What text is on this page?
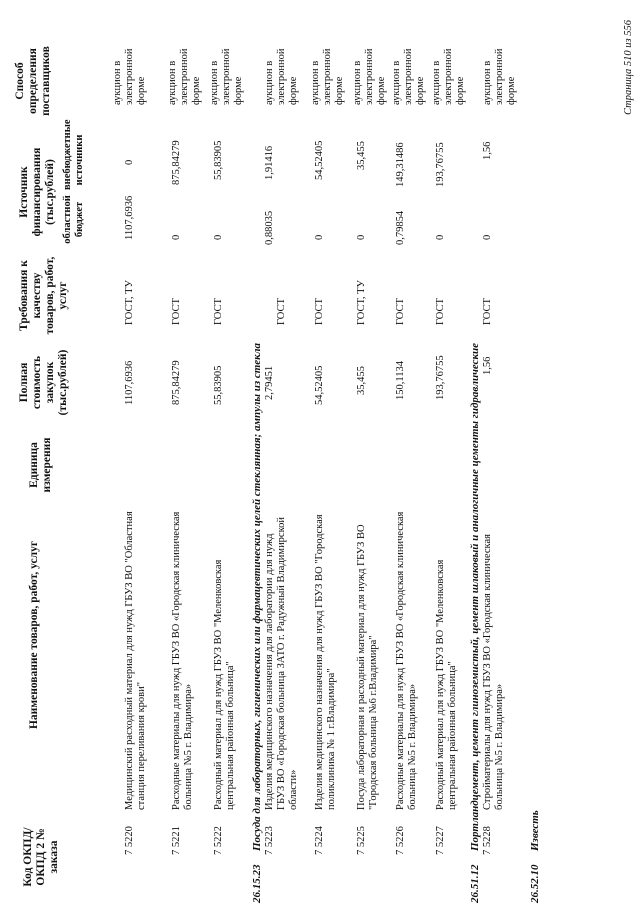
Код ОКПД/ ОКПД 2 № заказа
Наименование товаров, работ, услуг
Единица измерения
Полная стоимость закупок (тыс.рублей)
Требования к качеству товаров, работ, услуг
Источник финансирования (тыс.рублей) областной бюджет
внебюджетные источники
Способ определения поставщиков
7 5220
Медицинский расходный материал для нужд ГБУЗ ВО "Областная станция переливания крови"
1107,6936
ГОСТ, ТУ
1107,6936
0
аукцион в электронной форме
7 5221
Расходные материалы для нужд ГБУЗ ВО «Городская клиническая больница №5 г. Владимира»
875,84279
ГОСТ
0
875,84279
аукцион в электронной форме
7 5222
Расходный материал для нужд ГБУЗ ВО "Меленковская центральная районная больница"
55,83905
ГОСТ
0
55,83905
аукцион в электронной форме
26.15.23
Посуда для лабораторных, гигиенических или фармацевтических целей стеклянная; ампулы из стекла 7 5223
Изделия медицинского назначения для лаборатории для нужд ГБУЗ ВО «Городская больница ЗАТО г. Радужный Владимирской области»
2,79451
ГОСТ
0,88035
1,91416
аукцион в электронной форме
7 5224
Изделия медицинского назначения для нужд ГБУЗ ВО "Городская поликлиника № 1 г.Владимира"
54,52405
ГОСТ
0
54,52405
аукцион в электронной форме
7 5225
Посуда лабораторная и расходный материал для нужд ГБУЗ ВО "Городская больница №6 г.Владимира"
35,455
ГОСТ, ТУ
0
35,455
аукцион в электронной форме
7 5226
Расходные материалы для нужд ГБУЗ ВО «Городская клиническая больница №5 г. Владимира»
150,1134
ГОСТ
0,79854
149,31486
аукцион в электронной форме
7 5227
Расходный материал для нужд ГБУЗ ВО "Меленковская центральная районная больница"
193,76755
ГОСТ
0
193,76755
аукцион в электронной форме
26.51.12
Портландцемент, цемент глиноземистый, цемент шлаковый и аналогичные цементы гидравлические 7 5228
Стройматериалы для нужд ГБУЗ ВО «Городская клиническая больница №5 г. Владимира»
1,56
ГОСТ
0
1,56
аукцион в электронной форме
26.52.10
Известь
Страница 510 из 556
